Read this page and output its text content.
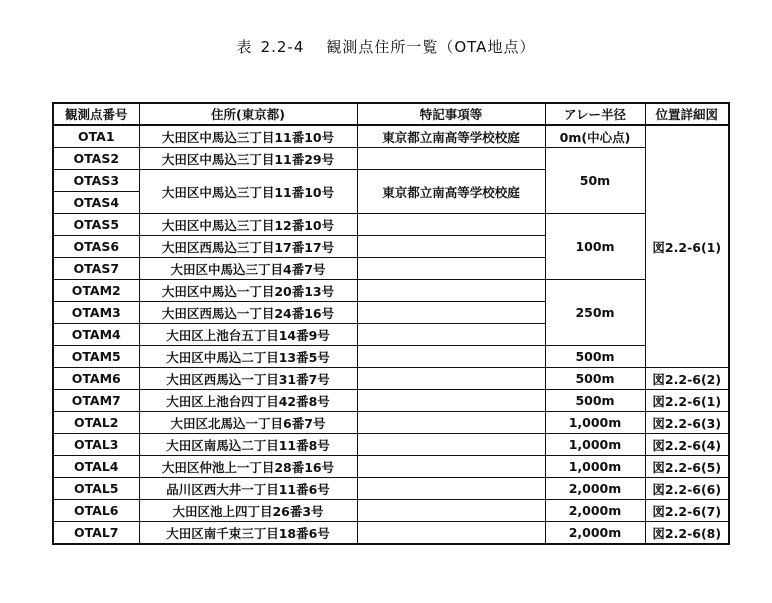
表 2.2-4 観測点住所一覧（OTA地点）
観測点番号	住所(東京都)	特記事項等	アレー半径	位置詳細図
OTA1	大田区中馬込三丁目11番10号	東京都立南高等学校校庭	0m(中心点)	図2.2-6(1)
OTAS2	大田区中馬込三丁目11番29号		50m	
OTAS3	大田区中馬込三丁目11番10号	東京都立南高等学校校庭		
OTAS4				
OTAS5	大田区中馬込三丁目12番10号		100m	
OTAS6	大田区西馬込三丁目17番17号			
OTAS7	大田区中馬込三丁目4番7号			
OTAM2	大田区中馬込一丁目20番13号		250m	
OTAM3	大田区西馬込一丁目24番16号			
OTAM4	大田区上池台五丁目14番9号			
OTAM5	大田区中馬込二丁目13番5号		500m	
OTAM6	大田区西馬込一丁目31番7号		500m	図2.2-6(2)
OTAM7	大田区上池台四丁目42番8号		500m	図2.2-6(1)
OTAL2	大田区北馬込一丁目6番7号		1,000m	図2.2-6(3)
OTAL3	大田区南馬込二丁目11番8号		1,000m	図2.2-6(4)
OTAL4	大田区仲池上一丁目28番16号		1,000m	図2.2-6(5)
OTAL5	品川区西大井一丁目11番6号		2,000m	図2.2-6(6)
OTAL6	大田区池上四丁目26番3号		2,000m	図2.2-6(7)
OTAL7	大田区南千束三丁目18番6号		2,000m	図2.2-6(8)
